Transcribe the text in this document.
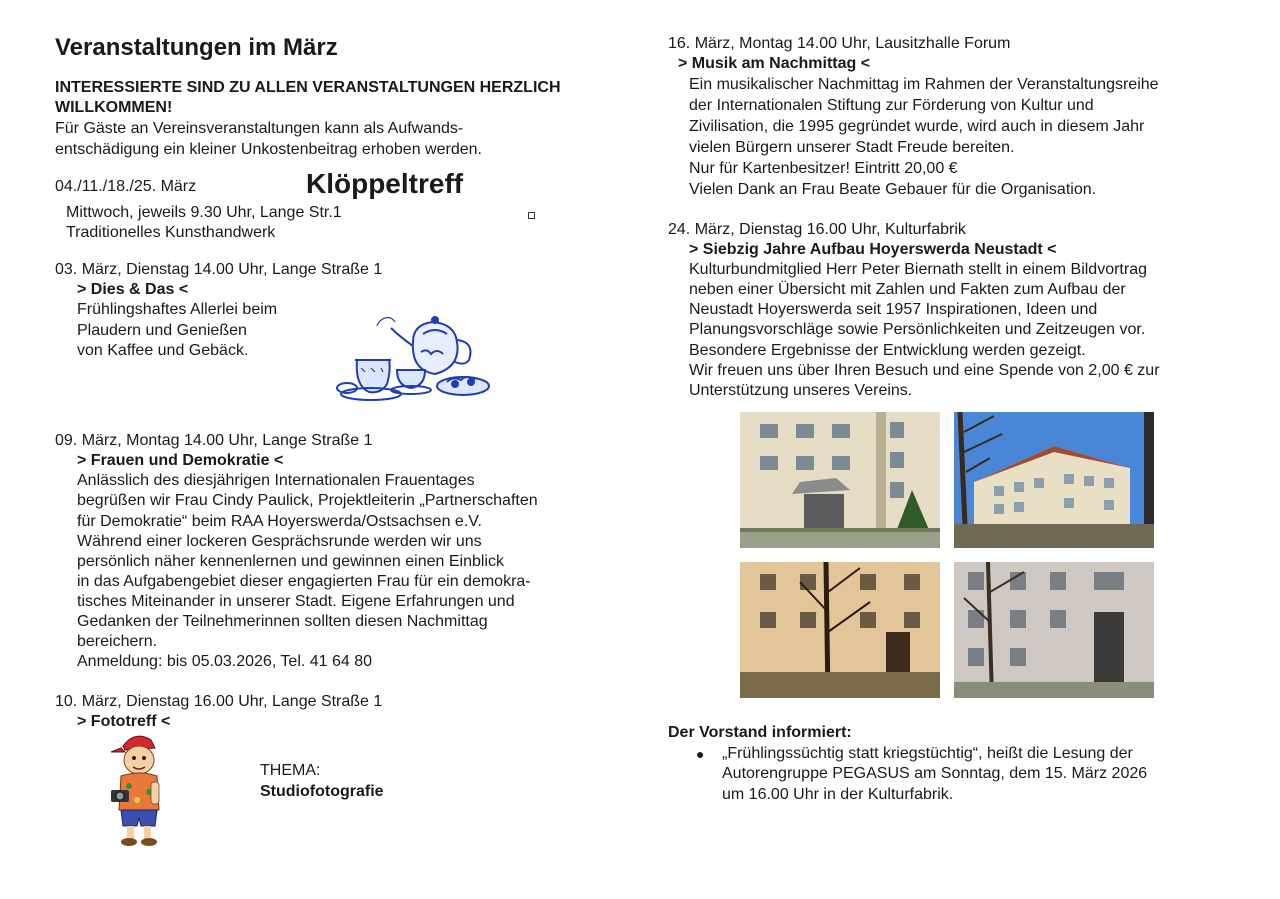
Veranstaltungen im März
INTERESSIERTE SIND ZU ALLEN VERANSTALTUNGEN HERZLICH
WILLKOMMEN!
Für Gäste an Vereinsveranstaltungen kann als Aufwands-
entschädigung ein kleiner Unkostenbeitrag erhoben werden.
04./11./18./25. März	Klöppeltreff
Mittwoch, jeweils 9.30 Uhr, Lange Str.1
Traditionelles Kunsthandwerk
03. März, Dienstag 14.00 Uhr, Lange Straße 1
> Dies & Das <
Frühlingshaftes Allerlei beim
Plaudern und Genießen
von Kaffee und Gebäck.
09. März, Montag 14.00 Uhr, Lange Straße 1
> Frauen und Demokratie <
Anlässlich des diesjährigen Internationalen Frauentages
begrüßen wir Frau Cindy Paulick, Projektleiterin „Partnerschaften
für Demokratie“ beim RAA Hoyerswerda/Ostsachsen e.V.
Während einer lockeren Gesprächsrunde werden wir uns
persönlich näher kennenlernen und gewinnen einen Einblick
in das Aufgabengebiet dieser engagierten Frau für ein demokra-
tisches Miteinander in unserer Stadt. Eigene Erfahrungen und
Gedanken der Teilnehmerinnen sollten diesen Nachmittag
bereichern.
Anmeldung: bis 05.03.2026, Tel. 41 64 80
10. März, Dienstag 16.00 Uhr, Lange Straße 1
> Fototreff <
THEMA:
Studiofotografie
16. März, Montag 14.00 Uhr, Lausitzhalle Forum
> Musik am Nachmittag <
Ein musikalischer Nachmittag im Rahmen der Veranstaltungsreihe
der Internationalen Stiftung zur Förderung von Kultur und
Zivilisation, die 1995 gegründet wurde, wird auch in diesem Jahr
vielen Bürgern unserer Stadt Freude bereiten.
Nur für Kartenbesitzer! Eintritt 20,00 €
Vielen Dank an Frau Beate Gebauer für die Organisation.
24. März, Dienstag 16.00 Uhr, Kulturfabrik
> Siebzig Jahre Aufbau Hoyerswerda Neustadt <
Kulturbundmitglied Herr Peter Biernath stellt in einem Bildvortrag
neben einer Übersicht mit Zahlen und Fakten zum Aufbau der
Neustadt Hoyerswerda seit 1957 Inspirationen, Ideen und
Planungsvorschläge sowie Persönlichkeiten und Zeitzeugen vor.
Besondere Ergebnisse der Entwicklung werden gezeigt.
Wir freuen uns über Ihren Besuch und eine Spende von 2,00 € zur
Unterstützung unseres Vereins.
Der Vorstand informiert:
● „Frühlingssüchtig statt kriegstüchtig“, heißt die Lesung der
Autorengruppe PEGASUS am Sonntag, dem 15. März 2026
um 16.00 Uhr in der Kulturfabrik.
